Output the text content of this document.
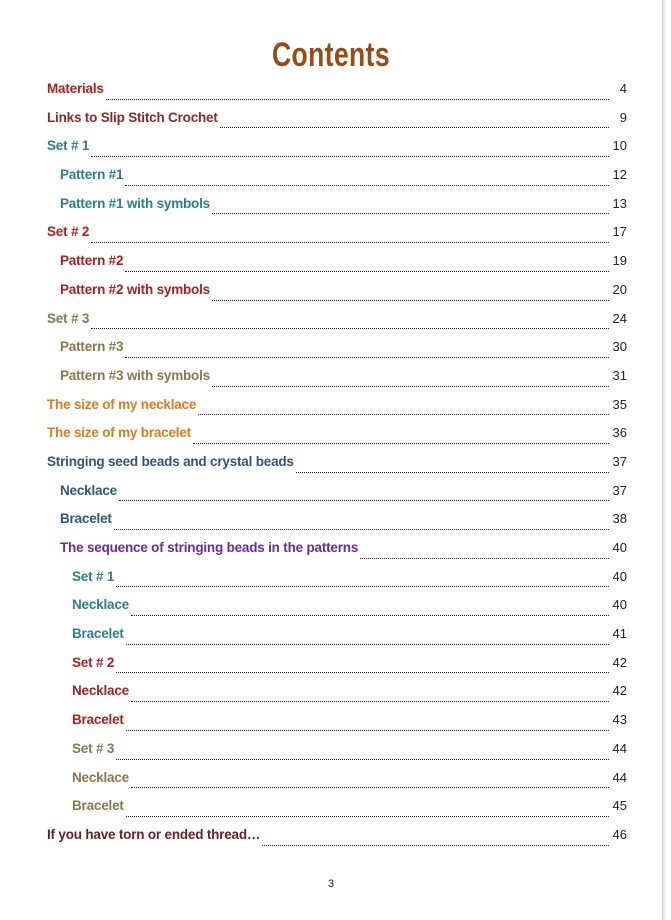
Contents
Materials	4
Links to Slip Stitch Crochet	9
Set # 1	10
Pattern #1	12
Pattern #1 with symbols	13
Set # 2	17
Pattern #2	19
Pattern #2 with symbols	20
Set # 3	24
Pattern #3	30
Pattern #3 with symbols	31
The size of my necklace	35
The size of my bracelet	36
Stringing seed beads and crystal beads	37
Necklace	37
Bracelet	38
The sequence of stringing beads in the patterns	40
Set # 1	40
Necklace	40
Bracelet	41
Set # 2	42
Necklace	42
Bracelet	43
Set # 3	44
Necklace	44
Bracelet	45
If you have torn or ended thread…	46
3
